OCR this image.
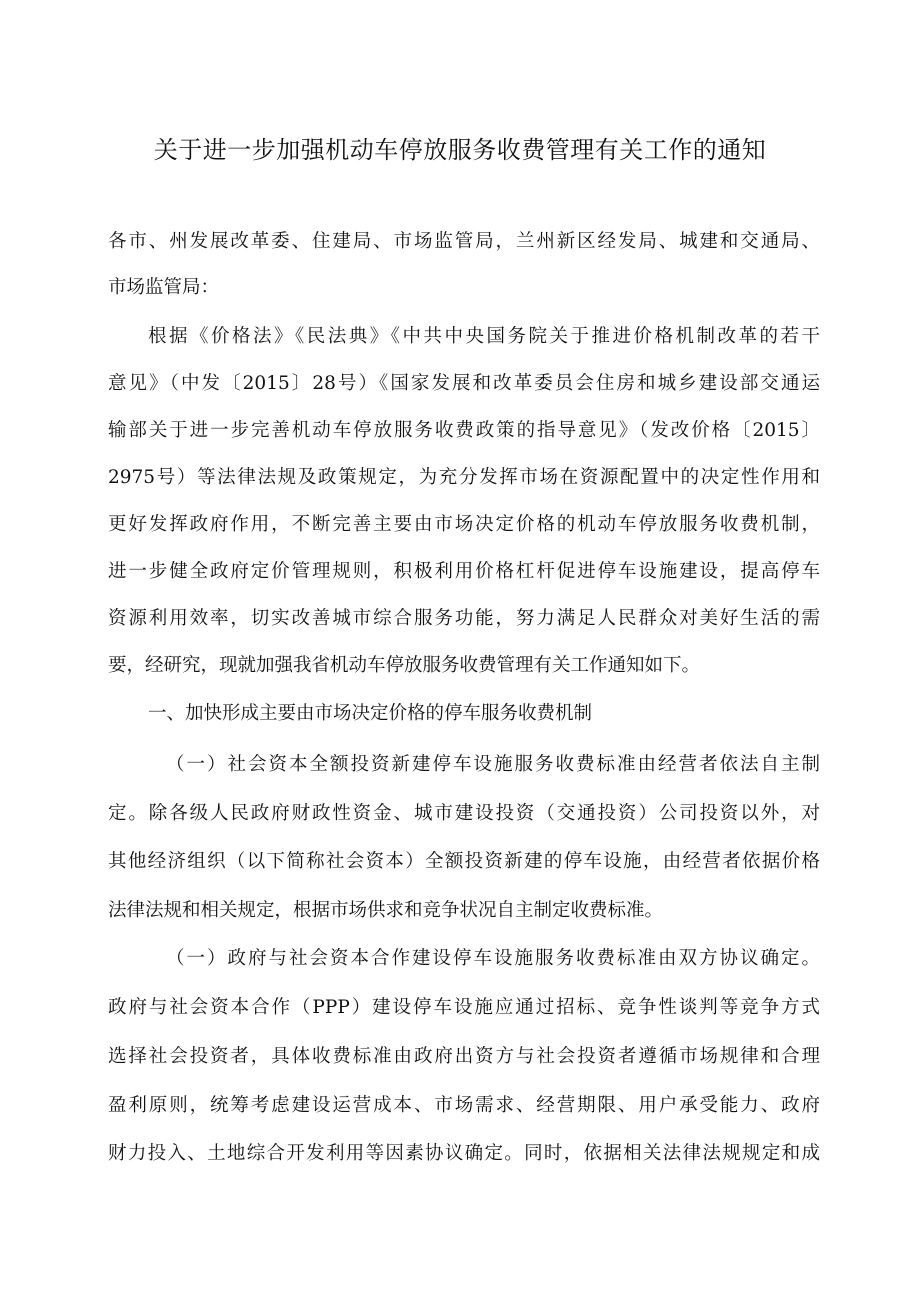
关于进一步加强机动车停放服务收费管理有关工作的通知
各市、州发展改革委、住建局、市场监管局，兰州新区经发局、城建和交通局、
市场监管局：
根据《价格法》《民法典》《中共中央国务院关于推进价格机制改革的若干
意见》（中发〔2015〕28号）《国家发展和改革委员会住房和城乡建设部交通运
输部关于进一步完善机动车停放服务收费政策的指导意见》（发改价格〔2015〕
2975号）等法律法规及政策规定，为充分发挥市场在资源配置中的决定性作用和
更好发挥政府作用，不断完善主要由市场决定价格的机动车停放服务收费机制，
进一步健全政府定价管理规则，积极利用价格杠杆促进停车设施建设，提高停车
资源利用效率，切实改善城市综合服务功能，努力满足人民群众对美好生活的需
要，经研究，现就加强我省机动车停放服务收费管理有关工作通知如下。
一、加快形成主要由市场决定价格的停车服务收费机制
（一）社会资本全额投资新建停车设施服务收费标准由经营者依法自主制
定。除各级人民政府财政性资金、城市建设投资（交通投资）公司投资以外，对
其他经济组织（以下简称社会资本）全额投资新建的停车设施，由经营者依据价格
法律法规和相关规定，根据市场供求和竞争状况自主制定收费标准。
（一）政府与社会资本合作建设停车设施服务收费标准由双方协议确定。
政府与社会资本合作（PPP）建设停车设施应通过招标、竞争性谈判等竞争方式
选择社会投资者，具体收费标准由政府出资方与社会投资者遵循市场规律和合理
盈利原则，统筹考虑建设运营成本、市场需求、经营期限、用户承受能力、政府
财力投入、土地综合开发利用等因素协议确定。同时，依据相关法律法规规定和成
